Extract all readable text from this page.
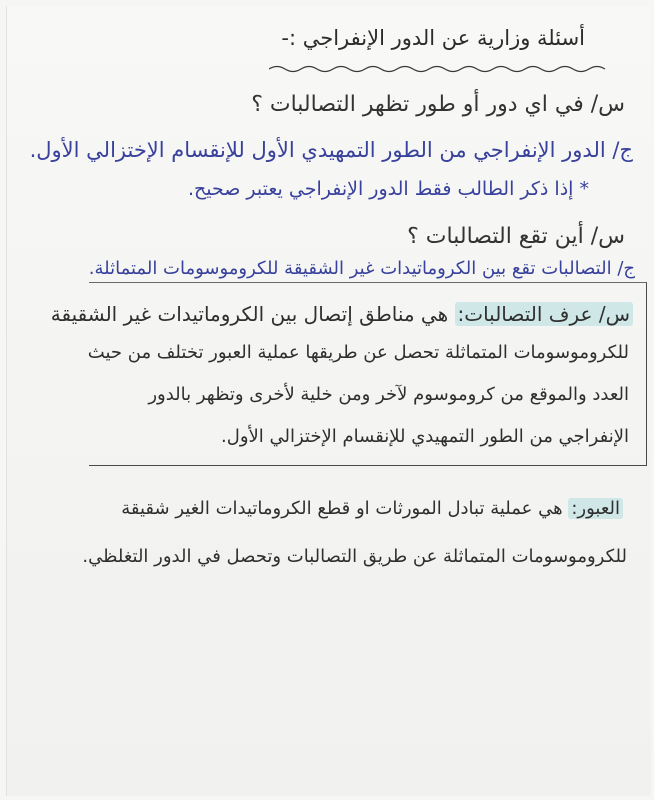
أسئلة وزارية عن الدور الإنفراجي :-
س/ في اي دور أو طور تظهر التصالبات ؟
ج/ الدور الإنفراجي من الطور التمهيدي الأول للإنقسام الإختزالي الأول.
* إذا ذكر الطالب فقط الدور الإنفراجي يعتبر صحيح.
س/ أين تقع التصالبات ؟
ج/ التصالبات تقع بين الكروماتيدات غير الشقيقة للكروموسومات المتماثلة.
س/ عرف التصالبات: هي مناطق إتصال بين الكروماتيدات غير الشقيقة
للكروموسومات المتماثلة تحصل عن طريقها عملية العبور تختلف من حيث
العدد والموقع من كروموسوم لآخر ومن خلية لأخرى وتظهر بالدور
الإنفراجي من الطور التمهيدي للإنقسام الإختزالي الأول.
العبور: هي عملية تبادل المورثات او قطع الكروماتيدات الغير شقيقة
للكروموسومات المتماثلة عن طريق التصالبات وتحصل في الدور التغلظي.
